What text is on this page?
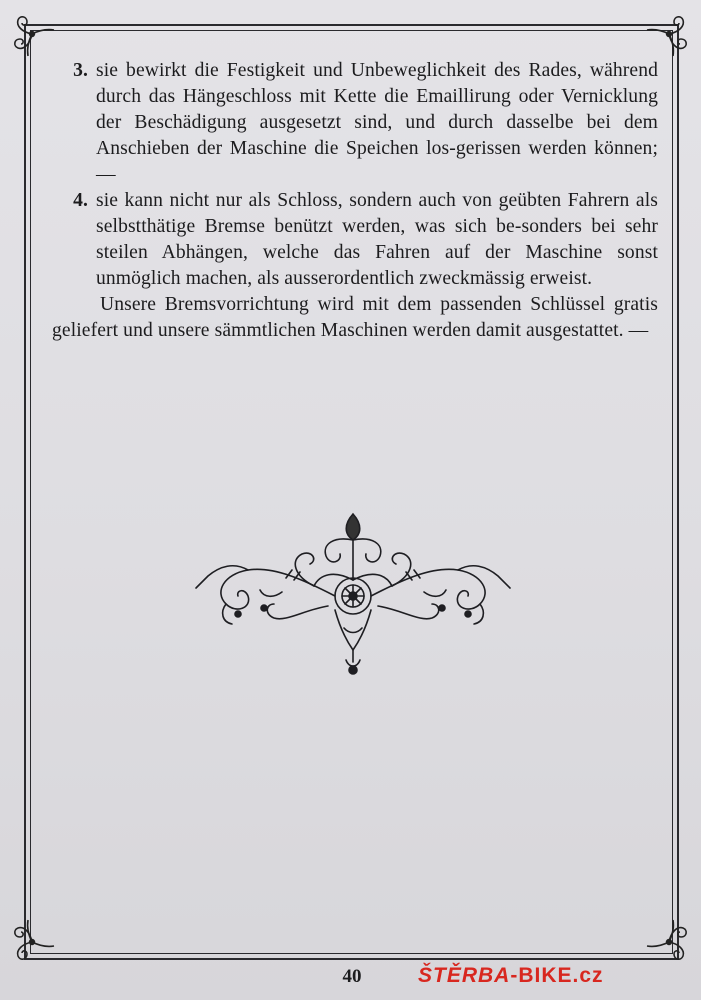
3. sie bewirkt die Festigkeit und Unbeweglichkeit des Rades, während durch das Hängeschloss mit Kette die Emaillirung oder Vernicklung der Beschädigung ausgesetzt sind, und durch dasselbe bei dem Anschieben der Maschine die Speichen los-gerissen werden können; —
4. sie kann nicht nur als Schloss, sondern auch von geübten Fahrern als selbstthätige Bremse benützt werden, was sich be-sonders bei sehr steilen Abhängen, welche das Fahren auf der Maschine sonst unmöglich machen, als ausserordentlich zweckmässig erweist.

Unsere Bremsvorrichtung wird mit dem passenden Schlüssel gratis geliefert und unsere sämmtlichen Maschinen werden damit ausgestattet. —

40	ŠTĚRBA-BIKE.cz
